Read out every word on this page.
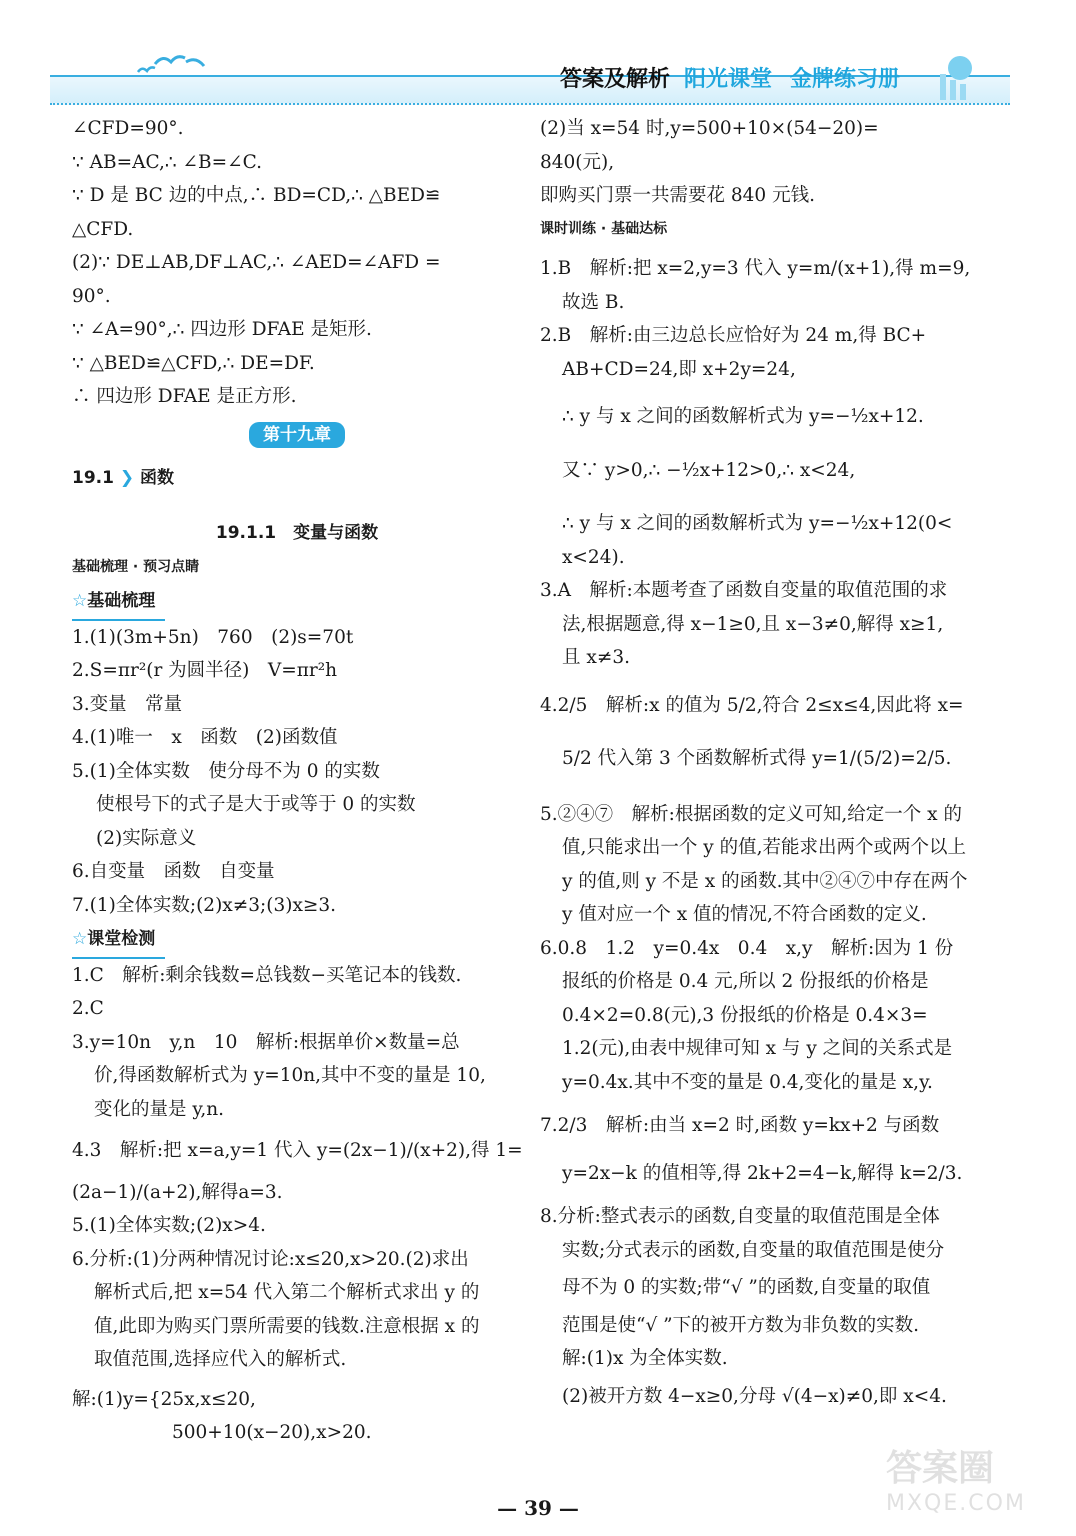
答案及解析 阳光课堂 金牌练习册
∠CFD=90°.
∵ AB=AC,∴ ∠B=∠C.
∵ D 是 BC 边的中点,∴ BD=CD,∴ △BED≌
△CFD.
(2)∵ DE⊥AB,DF⊥AC,∴ ∠AED=∠AFD =
90°.
∵ ∠A=90°,∴ 四边形 DFAE 是矩形.
∵ △BED≌△CFD,∴ DE=DF.
∴ 四边形 DFAE 是正方形.
第十九章
19.1 ❯ 函数
19.1.1　变量与函数
基础梳理 · 预习点睛
☆基础梳理
1.(1)(3m+5n)　760　(2)s=70t
2.S=πr²(r 为圆半径)　V=πr²h
3.变量　常量
4.(1)唯一　x　函数　(2)函数值
5.(1)全体实数　使分母不为 0 的实数
使根号下的式子是大于或等于 0 的实数
(2)实际意义
6.自变量　函数　自变量
7.(1)全体实数;(2)x≠3;(3)x≥3.
☆课堂检测
1.C　解析:剩余钱数=总钱数−买笔记本的钱数.
2.C
3.y=10n　y,n　10　解析:根据单价×数量=总
价,得函数解析式为 y=10n,其中不变的量是 10,
变化的量是 y,n.
4.3　解析:把 x=a,y=1 代入 y=(2x−1)/(x+2),得 1=
(2a−1)/(a+2),解得a=3.
5.(1)全体实数;(2)x>4.
6.分析:(1)分两种情况讨论:x≤20,x>20.(2)求出
解析式后,把 x=54 代入第二个解析式求出 y 的
值,此即为购买门票所需要的钱数.注意根据 x 的
取值范围,选择应代入的解析式.
解:(1)y={25x,x≤20,
500+10(x−20),x>20.
(2)当 x=54 时,y=500+10×(54−20)=
840(元),
即购买门票一共需要花 840 元钱.
课时训练 · 基础达标
1.B　解析:把 x=2,y=3 代入 y=m/(x+1),得 m=9,
故选 B.
2.B　解析:由三边总长应恰好为 24 m,得 BC+
AB+CD=24,即 x+2y=24,
∴ y 与 x 之间的函数解析式为 y=−½x+12.
又∵ y>0,∴ −½x+12>0,∴ x<24,
∴ y 与 x 之间的函数解析式为 y=−½x+12(0<
x<24).
3.A　解析:本题考查了函数自变量的取值范围的求
法,根据题意,得 x−1≥0,且 x−3≠0,解得 x≥1,
且 x≠3.
4.2/5　解析:x 的值为 5/2,符合 2≤x≤4,因此将 x=
5/2 代入第 3 个函数解析式得 y=1/(5/2)=2/5.
5.②④⑦　解析:根据函数的定义可知,给定一个 x 的
值,只能求出一个 y 的值,若能求出两个或两个以上
y 的值,则 y 不是 x 的函数.其中②④⑦中存在两个
y 值对应一个 x 值的情况,不符合函数的定义.
6.0.8　1.2　y=0.4x　0.4　x,y　解析:因为 1 份
报纸的价格是 0.4 元,所以 2 份报纸的价格是
0.4×2=0.8(元),3 份报纸的价格是 0.4×3=
1.2(元),由表中规律可知 x 与 y 之间的关系式是
y=0.4x.其中不变的量是 0.4,变化的量是 x,y.
7.2/3　解析:由当 x=2 时,函数 y=kx+2 与函数
y=2x−k 的值相等,得 2k+2=4−k,解得 k=2/3.
8.分析:整式表示的函数,自变量的取值范围是全体
实数;分式表示的函数,自变量的取值范围是使分
母不为 0 的实数;带“√ ”的函数,自变量的取值
范围是使“√ ”下的被开方数为非负数的实数.
解:(1)x 为全体实数.
(2)被开方数 4−x≥0,分母 √(4−x)≠0,即 x<4.
— 39 —
答案圈
MXQE.COM
